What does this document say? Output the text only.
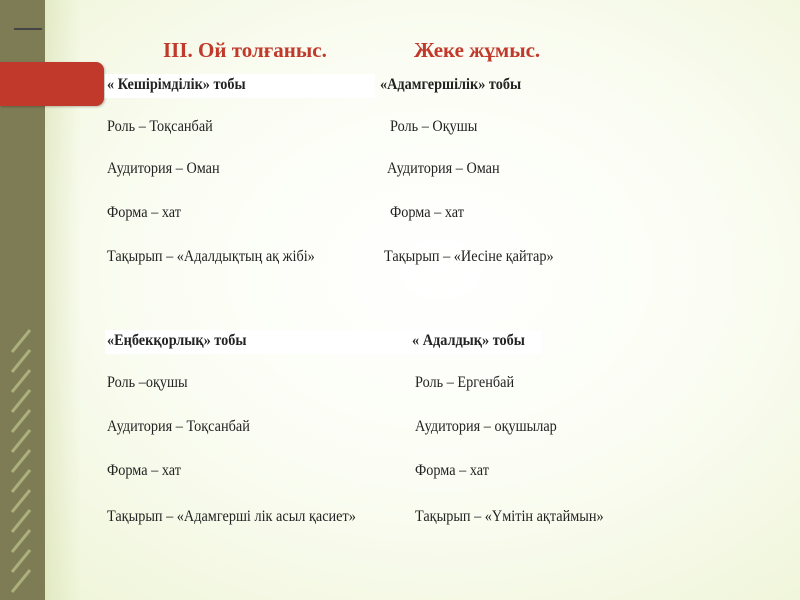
III. Ой толғаныс.	Жеке жұмыс.
« Кешірімділік» тобы	«Адамгершілік» тобы
Роль – Тоқсанбай	Роль – Оқушы
Аудитория – Оман	Аудитория – Оман
Форма – хат	Форма – хат
Тақырып – «Адалдықтың ақ жібі»	Тақырып – «Иесіне қайтар»
«Еңбекқорлық» тобы	« Адалдық» тобы
Роль –оқушы	Роль – Ергенбай
Аудитория – Тоқсанбай	Аудитория – оқушылар
Форма – хат	Форма – хат
Тақырып – «Адамгерші лік асыл қасиет»	Тақырып – «Үмітін ақтаймын»
